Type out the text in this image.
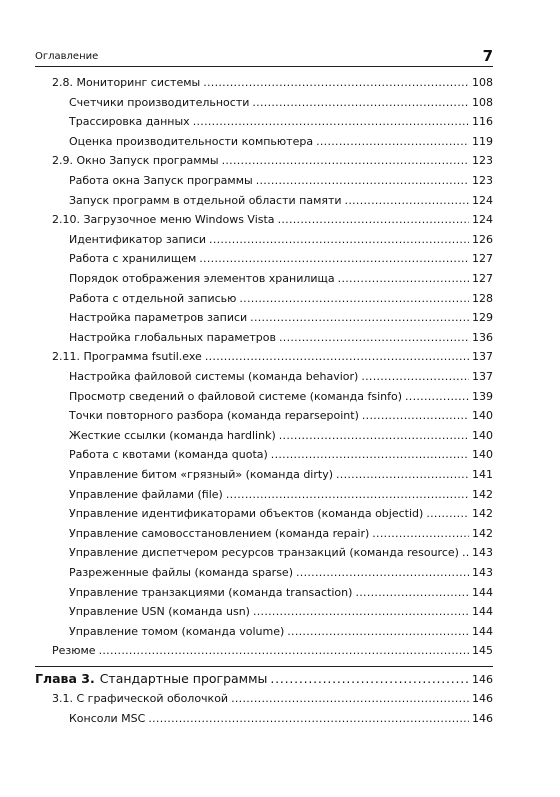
Оглавление	7
2.8. Мониторинг системы . . .	108
Счетчики производительности . . .	108
Трассировка данных . . .	116
Оценка производительности компьютера . . .	119
2.9. Окно Запуск программы . . .	123
Работа окна Запуск программы . . .	123
Запуск программ в отдельной области памяти . . .	124
2.10. Загрузочное меню Windows Vista . . .	124
Идентификатор записи . . .	126
Работа с хранилищем . . .	127
Порядок отображения элементов хранилища . . .	127
Работа с отдельной записью . . .	128
Настройка параметров записи . . .	129
Настройка глобальных параметров . . .	136
2.11. Программа fsutil.exe . . .	137
Настройка файловой системы (команда behavior) . . .	137
Просмотр сведений о файловой системе (команда fsinfo) . . .	139
Точки повторного разбора (команда reparsepoint) . . .	140
Жесткие ссылки (команда hardlink) . . .	140
Работа с квотами (команда quota) . . .	140
Управление битом «грязный» (команда dirty) . . .	141
Управление файлами (file) . . .	142
Управление идентификаторами объектов (команда objectid) . . .	142
Управление самовосстановлением (команда repair) . . .	142
Управление диспетчером ресурсов транзакций (команда resource) . . . 143
Разреженные файлы (команда sparse) . . .	143
Управление транзакциями (команда transaction) . . .	144
Управление USN (команда usn) . . .	144
Управление томом (команда volume) . . .	144
Резюме . . .	145
Глава 3. Стандартные программы . . .	146
3.1. С графической оболочкой . . .	146
Консоли MSC . . .	146
